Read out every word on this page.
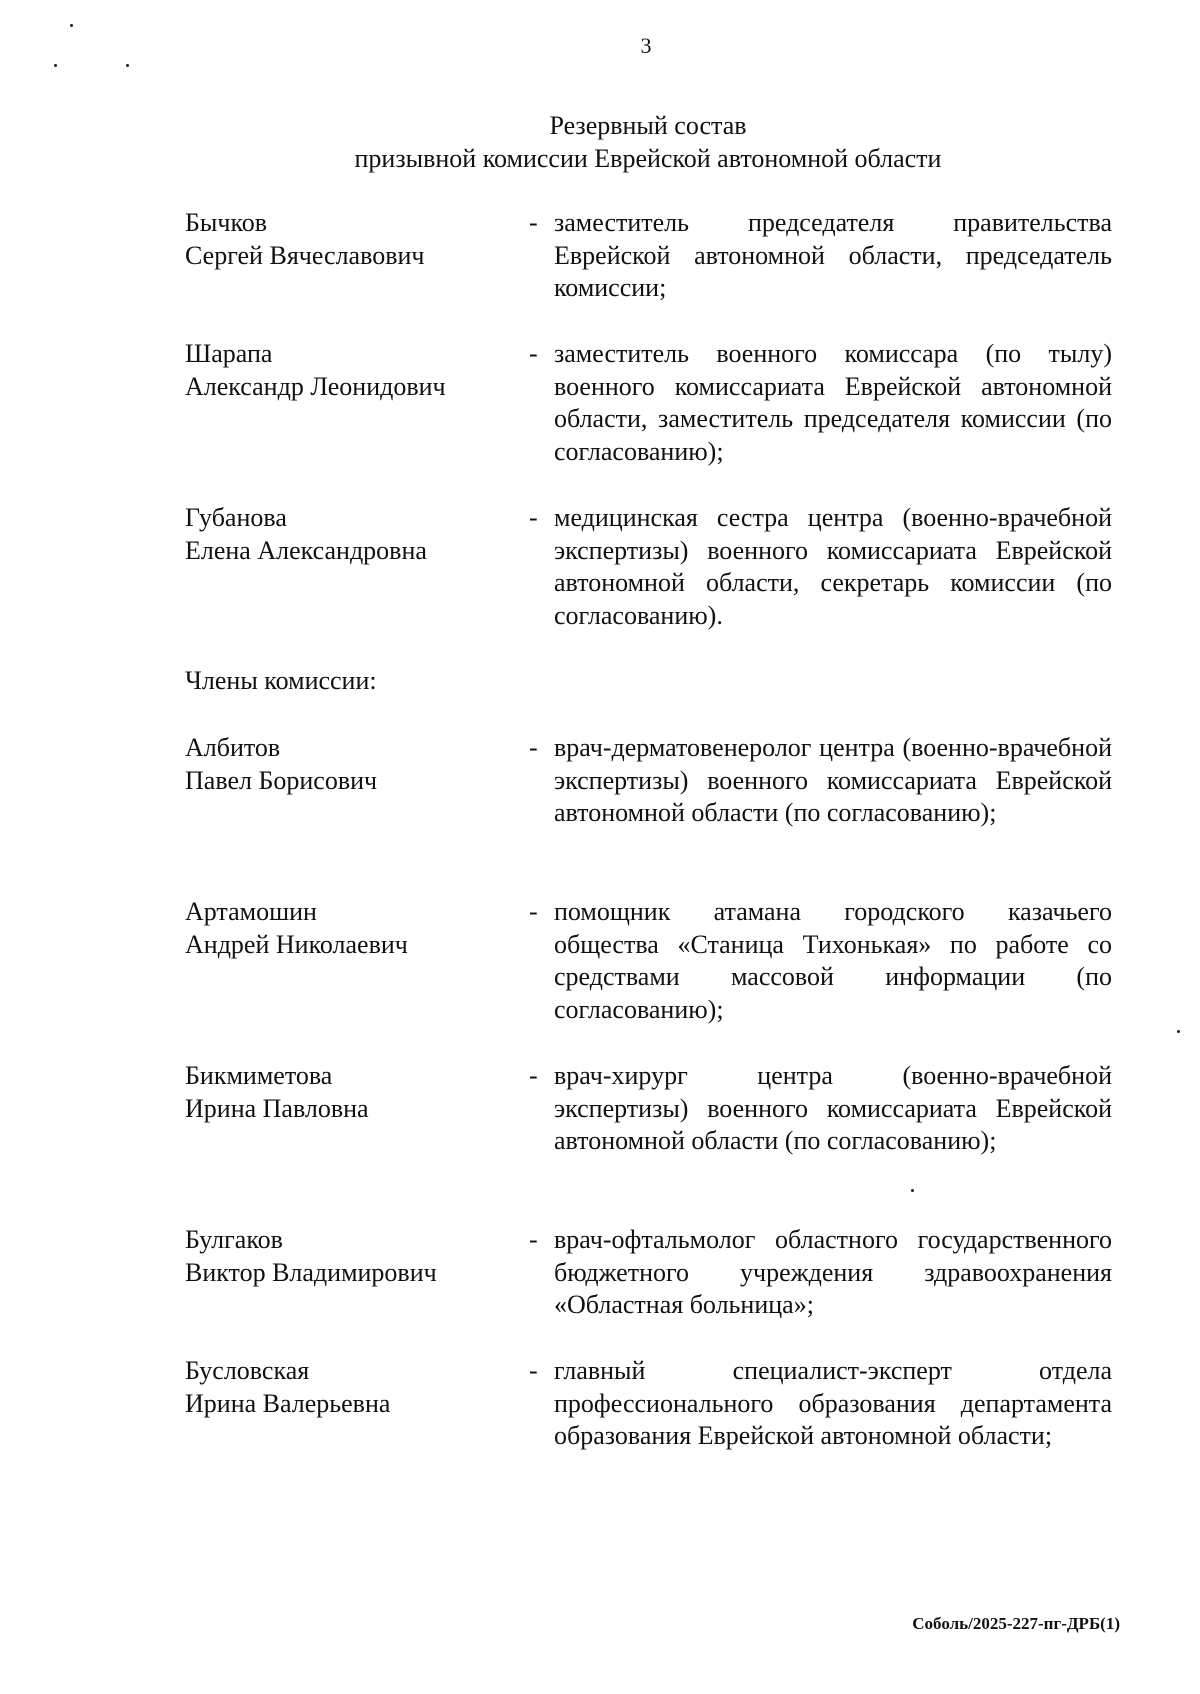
3
Резервный состав
призывной комиссии Еврейской автономной области
Бычков
Сергей Вячеславович
- заместитель председателя правительства Еврейской автономной области, председатель комиссии;
Шарапа
Александр Леонидович
- заместитель военного комиссара (по тылу) военного комиссариата Еврейской автономной области, заместитель председателя комиссии (по согласованию);
Губанова
Елена Александровна
- медицинская сестра центра (военно-врачебной экспертизы) военного комиссариата Еврейской автономной области, секретарь комиссии (по согласованию).
Члены комиссии:
Албитов
Павел Борисович
- врач-дерматовенеролог центра (военно-врачебной экспертизы) военного комиссариата Еврейской автономной области (по согласованию);
Артамошин
Андрей Николаевич
- помощник атамана городского казачьего общества «Станица Тихонькая» по работе со средствами массовой информации (по согласованию);
Бикмиметова
Ирина Павловна
- врач-хирург центра (военно-врачебной экспертизы) военного комиссариата Еврейской автономной области (по согласованию);
Булгаков
Виктор Владимирович
- врач-офтальмолог областного государственного бюджетного учреждения здравоохранения «Областная больница»;
Бусловская
Ирина Валерьевна
- главный специалист-эксперт отдела профессионального образования департамента образования Еврейской автономной области;
Соболь/2025-227-пг-ДРБ(1)
